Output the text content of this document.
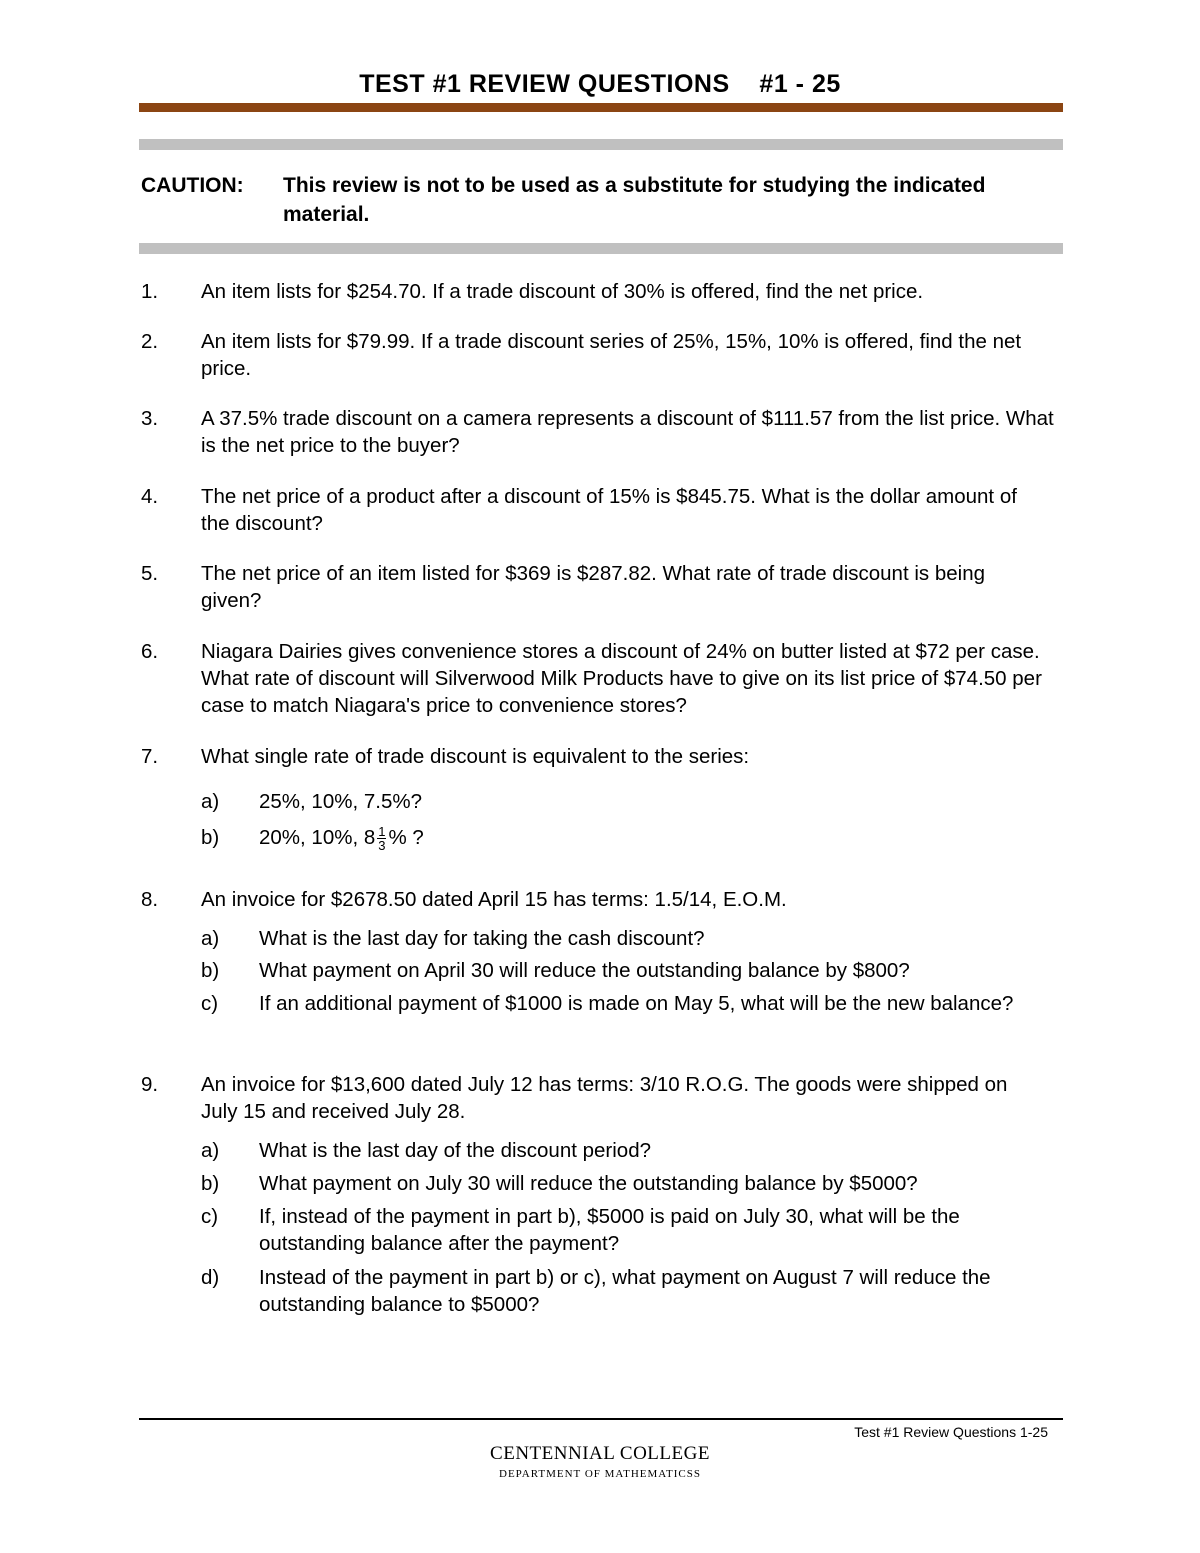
TEST #1 REVIEW QUESTIONS    #1 - 25
CAUTION: This review is not to be used as a substitute for studying the indicated material.
1. An item lists for $254.70. If a trade discount of 30% is offered, find the net price.
2. An item lists for $79.99. If a trade discount series of 25%, 15%, 10% is offered, find the net price.
3. A 37.5% trade discount on a camera represents a discount of $111.57 from the list price. What is the net price to the buyer?
4. The net price of a product after a discount of 15% is $845.75. What is the dollar amount of the discount?
5. The net price of an item listed for $369 is $287.82. What rate of trade discount is being given?
6. Niagara Dairies gives convenience stores a discount of 24% on butter listed at $72 per case. What rate of discount will Silverwood Milk Products have to give on its list price of $74.50 per case to match Niagara's price to convenience stores?
7. What single rate of trade discount is equivalent to the series:
a) 25%, 10%, 7.5%?
b) 20%, 10%, $8 \frac{1}{3}$ % ?
8. An invoice for $2678.50 dated April 15 has terms: 1.5/14, E.O.M.
a) What is the last day for taking the cash discount?
b) What payment on April 30 will reduce the outstanding balance by $800?
c) If an additional payment of $1000 is made on May 5, what will be the new balance?
9. An invoice for $13,600 dated July 12 has terms: 3/10 R.O.G. The goods were shipped on July 15 and received July 28.
a) What is the last day of the discount period?
b) What payment on July 30 will reduce the outstanding balance by $5000?
c) If, instead of the payment in part b), $5000 is paid on July 30, what will be the outstanding balance after the payment?
d) Instead of the payment in part b) or c), what payment on August 7 will reduce the outstanding balance to $5000?
Test #1 Review Questions 1-25
CENTENNIAL COLLEGE
DEPARTMENT OF MATHEMATICSS
